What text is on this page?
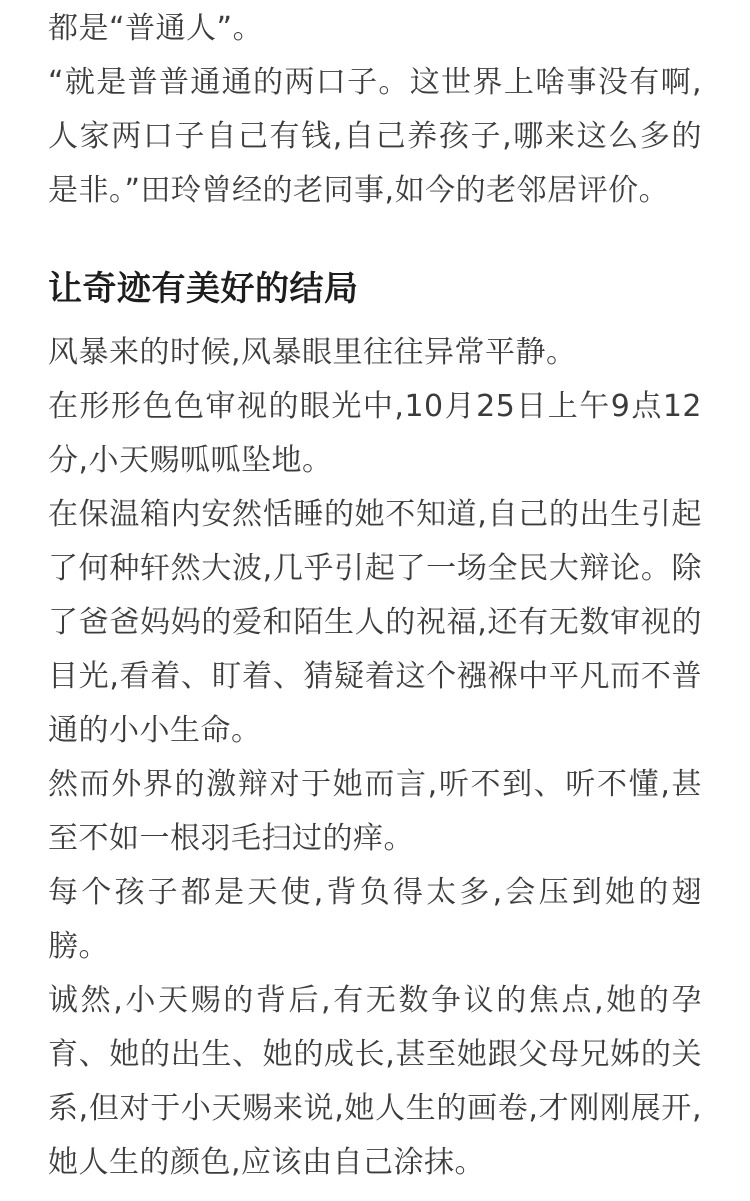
都是“普通人”。

“就是普普通通的两口子。这世界上啥事没有啊,人家两口子自己有钱,自己养孩子,哪来这么多的是非。”田玲曾经的老同事,如今的老邻居评价。

让奇迹有美好的结局

风暴来的时候,风暴眼里往往异常平静。

在形形色色审视的眼光中,10月25日上午9点12分,小天赐呱呱坠地。

在保温箱内安然恬睡的她不知道,自己的出生引起了何种轩然大波,几乎引起了一场全民大辩论。除了爸爸妈妈的爱和陌生人的祝福,还有无数审视的目光,看着、盯着、猜疑着这个襁褓中平凡而不普通的小小生命。

然而外界的激辩对于她而言,听不到、听不懂,甚至不如一根羽毛扫过的痒。

每个孩子都是天使,背负得太多,会压到她的翅膀。

诚然,小天赐的背后,有无数争议的焦点,她的孕育、她的出生、她的成长,甚至她跟父母兄姊的关系,但对于小天赐来说,她人生的画卷,才刚刚展开,她人生的颜色,应该由自己涂抹。
